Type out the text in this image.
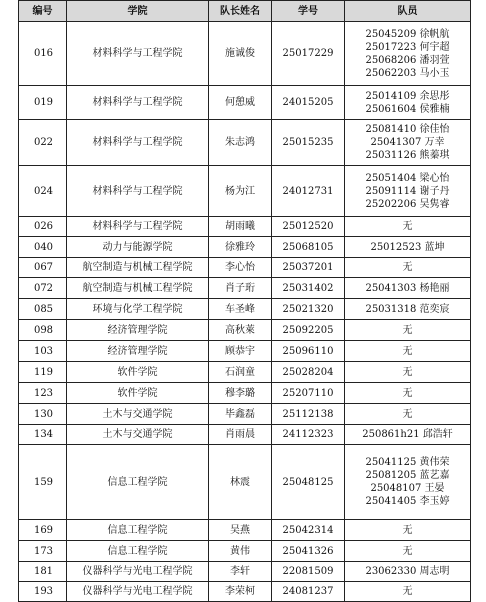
编号	学院	队长姓名	学号	队员
016	材料科学与工程学院	施诚俊	25017229	25045209 徐帆航
25017223 何宇超
25068206 潘羽萱
25062203 马小玉

019	材料科学与工程学院	何憩威	24015205	25014109 余思彤
25061604 侯雅楠

022	材料科学与工程学院	朱志鸿	25015235	25081410 徐佳怡
25041307 万幸
25031126 熊蓁琪

024	材料科学与工程学院	杨为江	24012731	25051404 梁心怡
25091114 谢子丹
25202206 吴隽睿

026	材料科学与工程学院	胡雨曦	25012520	无

040	动力与能源学院	徐雅玲	25068105	25012523 蓝坤

067	航空制造与机械工程学院	李心怡	25037201	无

072	航空制造与机械工程学院	肖子珩	25031402	25041303 杨艳丽

085	环境与化学工程学院	车圣峰	25021320	25031318 范奕宸

098	经济管理学院	高秋萊	25092205	无

103	经济管理学院	顾恭宇	25096110	无

119	软件学院	石润童	25028204	无

123	软件学院	穆李璐	25207110	无

130	土木与交通学院	毕鑫磊	25112138	无

134	土木与交通学院	肖雨晨	24112323	250861h21 邱浩轩

159	信息工程学院	林震	25048125	25041125 黄伟荣
25081205 蓝艺嘉
25048107 王晏
25041405 李玉婷

169	信息工程学院	吴燕	25042314	无

173	信息工程学院	黄伟	25041326	无

181	仪器科学与光电工程学院	李轩	22081509	23062330 周志明

193	仪器科学与光电工程学院	李荣柯	24081237	无
